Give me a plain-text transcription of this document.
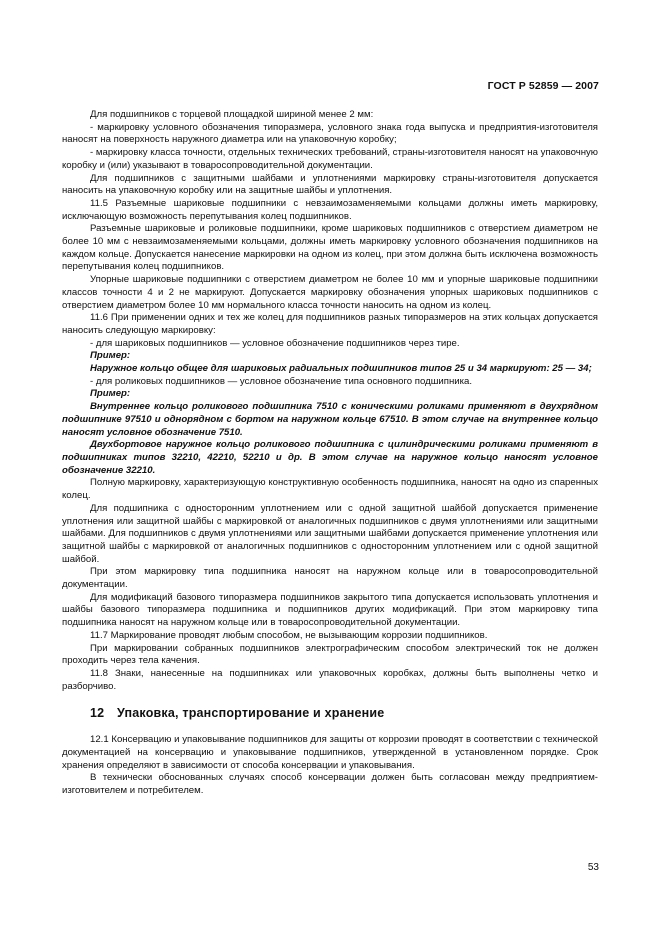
ГОСТ Р 52859 — 2007

Для подшипников с торцевой площадкой шириной менее 2 мм:

- маркировку условного обозначения типоразмера, условного знака года выпуска и предприятия-изготовителя наносят на поверхность наружного диаметра или на упаковочную коробку;

- маркировку класса точности, отдельных технических требований, страны-изготовителя наносят на упаковочную коробку и (или) указывают в товаросопроводительной документации.

Для подшипников с защитными шайбами и уплотнениями маркировку страны-изготовителя допускается наносить на упаковочную коробку или на защитные шайбы и уплотнения.

11.5 Разъемные шариковые подшипники с невзаимозаменяемыми кольцами должны иметь маркировку, исключающую возможность перепутывания колец подшипников.

Разъемные шариковые и роликовые подшипники, кроме шариковых подшипников с отверстием диаметром не более 10 мм с невзаимозаменяемыми кольцами, должны иметь маркировку условного обозначения подшипников на каждом кольце. Допускается нанесение маркировки на одном из колец, при этом должна быть исключена возможность перепутывания колец подшипников.

Упорные шариковые подшипники с отверстием диаметром не более 10 мм и упорные шариковые подшипники классов точности 4 и 2 не маркируют. Допускается маркировку обозначения упорных шариковых подшипников с отверстием диаметром более 10 мм нормального класса точности наносить на одном из колец.

11.6 При применении одних и тех же колец для подшипников разных типоразмеров на этих кольцах допускается наносить следующую маркировку:

- для шариковых подшипников — условное обозначение подшипников через тире.

Пример:

Наружное кольцо общее для шариковых радиальных подшипников типов 25 и 34 маркируют: 25 — 34;

- для роликовых подшипников — условное обозначение типа основного подшипника.

Пример:

Внутреннее кольцо роликового подшипника 7510 с коническими роликами применяют в двухрядном подшипнике 97510 и однорядном с бортом на наружном кольце 67510. В этом случае на внутреннее кольцо наносят условное обозначение 7510.

Двухбортовое наружное кольцо роликового подшипника с цилиндрическими роликами применяют в подшипниках типов 32210, 42210, 52210 и др. В этом случае на наружное кольцо наносят условное обозначение 32210.

Полную маркировку, характеризующую конструктивную особенность подшипника, наносят на одно из спаренных колец.

Для подшипника с односторонним уплотнением или с одной защитной шайбой допускается применение уплотнения или защитной шайбы с маркировкой от аналогичных подшипников с двумя уплотнениями или защитными шайбами. Для подшипников с двумя уплотнениями или защитными шайбами допускается применение уплотнения или защитной шайбы с маркировкой от аналогичных подшипников с односторонним уплотнением или с одной защитной шайбой.

При этом маркировку типа подшипника наносят на наружном кольце или в товаросопроводительной документации.

Для модификаций базового типоразмера подшипников закрытого типа допускается использовать уплотнения и шайбы базового типоразмера подшипника и подшипников других модификаций. При этом маркировку типа подшипника наносят на наружном кольце или в товаросопроводительной документации.

11.7 Маркирование проводят любым способом, не вызывающим коррозии подшипников.

При маркировании собранных подшипников электрографическим способом электрический ток не должен проходить через тела качения.

11.8 Знаки, нанесенные на подшипниках или упаковочных коробках, должны быть выполнены четко и разборчиво.

12 Упаковка, транспортирование и хранение

12.1 Консервацию и упаковывание подшипников для защиты от коррозии проводят в соответствии с технической документацией на консервацию и упаковывание подшипников, утвержденной в установленном порядке. Срок хранения определяют в зависимости от способа консервации и упаковывания.

В технически обоснованных случаях способ консервации должен быть согласован между предприятием-изготовителем и потребителем.

53
